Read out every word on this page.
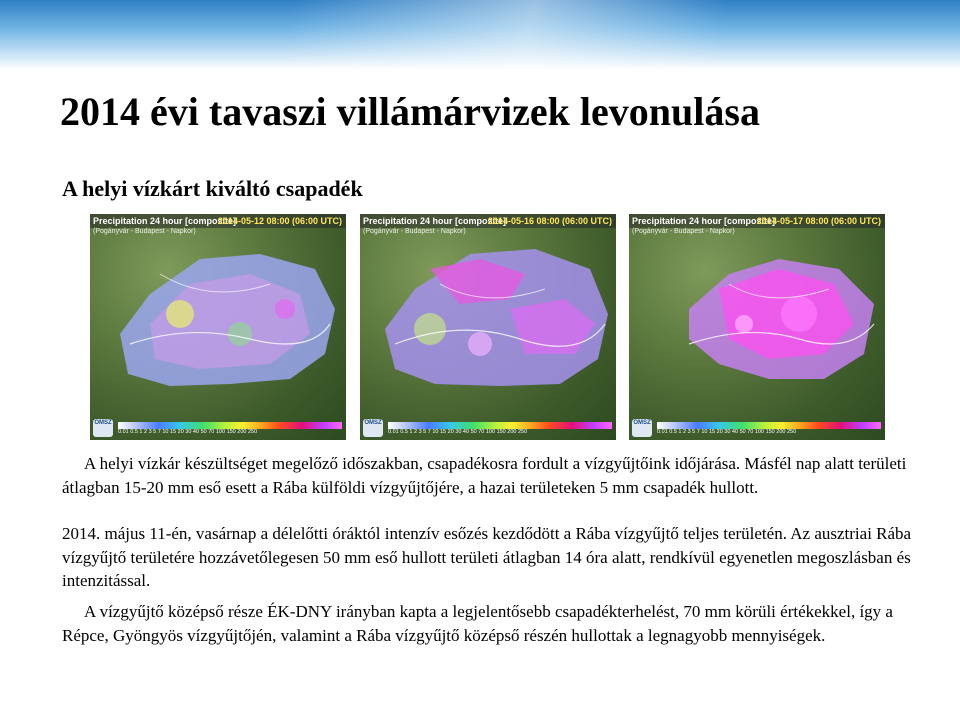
2014 évi tavaszi villámárvizek levonulása
A helyi vízkárt kiváltó csapadék
Precipitation 24 hour [composite]
2014-05-12 08:00 (06:00 UTC)
(Pogányvár - Budapest - Napkor)
OMSZ
0.01 0.5 1 2 3 5 7 10 15 20 30 40 50 70 100 150 200 250
Precipitation 24 hour [composite]
2014-05-16 08:00 (06:00 UTC)
(Pogányvár - Budapest - Napkor)
OMSZ
0.01 0.5 1 2 3 5 7 10 15 20 30 40 50 70 100 150 200 250
Precipitation 24 hour [composite]
2014-05-17 08:00 (06:00 UTC)
(Pogányvár - Budapest - Napkor)
OMSZ
0.01 0.5 1 2 3 5 7 10 15 20 30 40 50 70 100 150 200 250
A helyi vízkár készültséget megelőző időszakban, csapadékosra fordult a vízgyűjtőink időjárása. Másfél nap alatt területi átlagban 15-20 mm eső esett a Rába külföldi vízgyűjtőjére, a hazai területeken 5 mm csapadék hullott.
2014. május 11-én, vasárnap a délelőtti óráktól intenzív esőzés kezdődött a Rába vízgyűjtő teljes területén. Az ausztriai Rába vízgyűjtő területére hozzávetőlegesen 50 mm eső hullott területi átlagban 14 óra alatt, rendkívül egyenetlen megoszlásban és intenzitással.
A vízgyűjtő középső része ÉK-DNY irányban kapta a legjelentősebb csapadékterhelést, 70 mm körüli értékekkel, így a Répce, Gyöngyös vízgyűjtőjén, valamint a Rába vízgyűjtő középső részén hullottak a legnagyobb mennyiségek.
